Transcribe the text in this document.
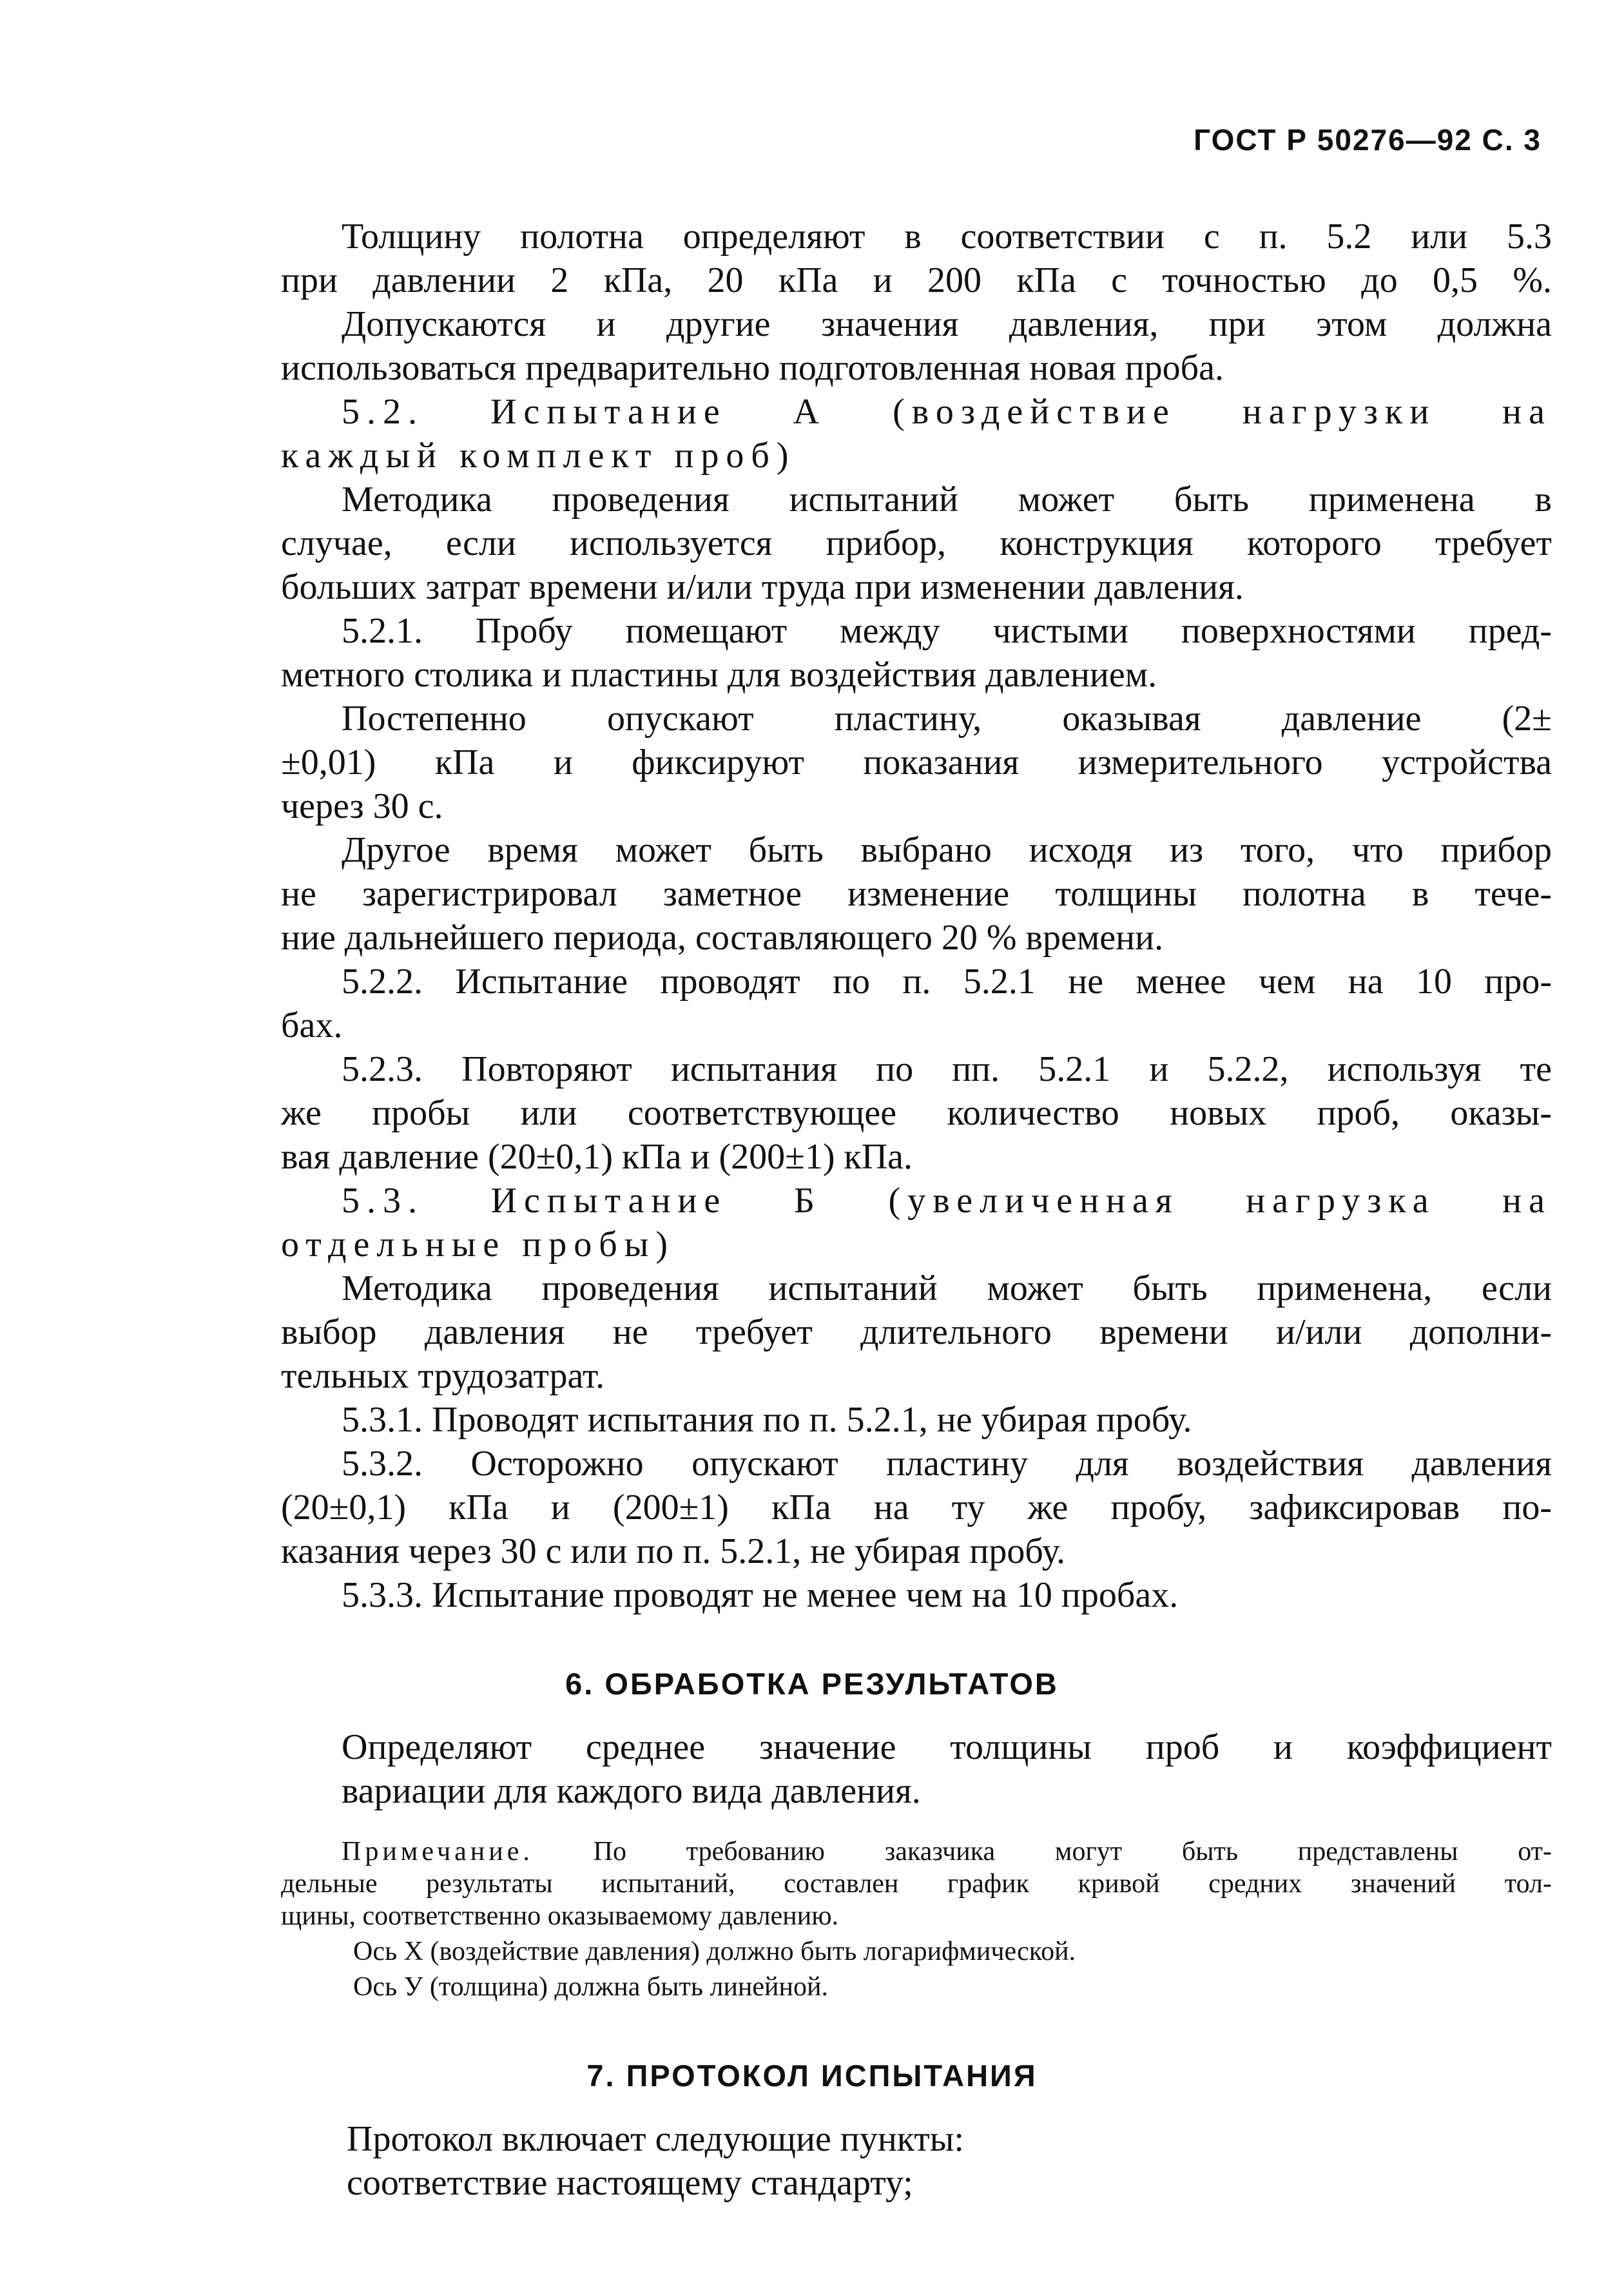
ГОСТ Р 50276—92 С. 3
Толщину полотна определяют в соответствии с п. 5.2 или 5.3
при давлении 2 кПа, 20 кПа и 200 кПа с точностью до 0,5 %.
Допускаются и другие значения давления, при этом должна
использоваться предварительно подготовленная новая проба.
5.2. Испытание А (воздействие нагрузки на
каждый комплект проб)
Методика проведения испытаний может быть применена в
случае, если используется прибор, конструкция которого требует
больших затрат времени и/или труда при изменении давления.
5.2.1. Пробу помещают между чистыми поверхностями пред-
метного столика и пластины для воздействия давлением.
Постепенно опускают пластину, оказывая давление (2±
±0,01) кПа и фиксируют показания измерительного устройства
через 30 с.
Другое время может быть выбрано исходя из того, что прибор
не зарегистрировал заметное изменение толщины полотна в тече-
ние дальнейшего периода, составляющего 20 % времени.
5.2.2. Испытание проводят по п. 5.2.1 не менее чем на 10 про-
бах.
5.2.3. Повторяют испытания по пп. 5.2.1 и 5.2.2, используя те
же пробы или соответствующее количество новых проб, оказы-
вая давление (20±0,1) кПа и (200±1) кПа.
5.3. Испытание Б (увеличенная нагрузка на
отдельные пробы)
Методика проведения испытаний может быть применена, если
выбор давления не требует длительного времени и/или дополни-
тельных трудозатрат.
5.3.1. Проводят испытания по п. 5.2.1, не убирая пробу.
5.3.2. Осторожно опускают пластину для воздействия давления
(20±0,1) кПа и (200±1) кПа на ту же пробу, зафиксировав по-
казания через 30 с или по п. 5.2.1, не убирая пробу.
5.3.3. Испытание проводят не менее чем на 10 пробах.
6. ОБРАБОТКА РЕЗУЛЬТАТОВ
Определяют среднее значение толщины проб и коэффициент
вариации для каждого вида давления.
Примечание. По требованию заказчика могут быть представлены от-
дельные результаты испытаний, составлен график кривой средних значений тол-
щины, соответственно оказываемому давлению.
Ось X (воздействие давления) должно быть логарифмической.
Ось У (толщина) должна быть линейной.
7. ПРОТОКОЛ ИСПЫТАНИЯ
Протокол включает следующие пункты:
соответствие настоящему стандарту;
